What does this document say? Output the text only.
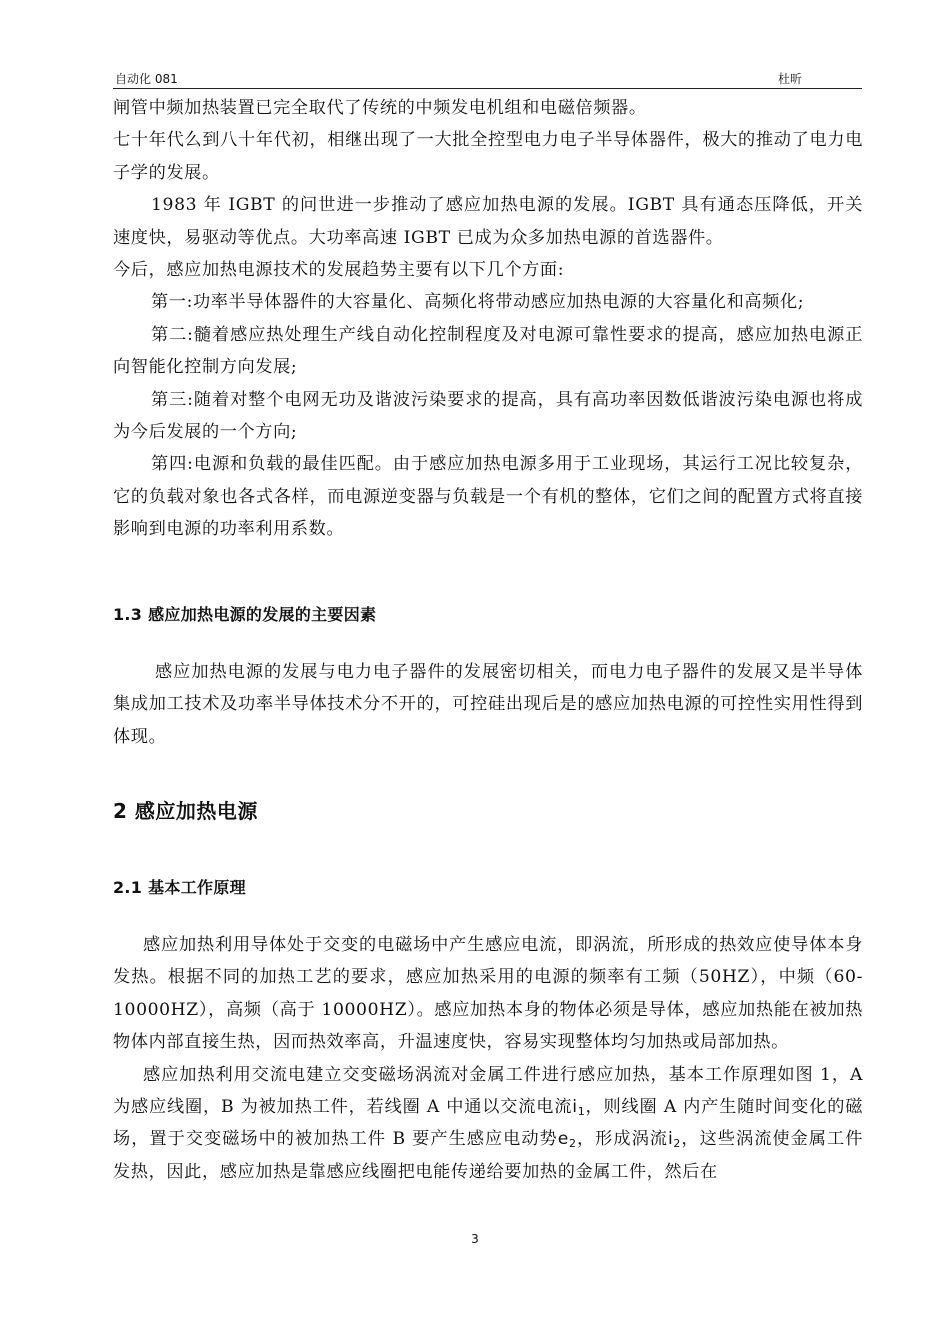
自动化 081	杜昕

闸管中频加热装置已完全取代了传统的中频发电机组和电磁倍频器。

七十年代么到八十年代初，相继出现了一大批全控型电力电子半导体器件，极大的推动了电力电子学的发展。

1983 年 IGBT 的问世进一步推动了感应加热电源的发展。IGBT 具有通态压降低，开关速度快，易驱动等优点。大功率高速 IGBT 已成为众多加热电源的首选器件。

今后，感应加热电源技术的发展趋势主要有以下几个方面:

第一:功率半导体器件的大容量化、高频化将带动感应加热电源的大容量化和高频化;

第二:髓着感应热处理生产线自动化控制程度及对电源可靠性要求的提高，感应加热电源正向智能化控制方向发展;

第三:随着对整个电网无功及谐波污染要求的提高，具有高功率因数低谐波污染电源也将成为今后发展的一个方向;

第四:电源和负载的最佳匹配。由于感应加热电源多用于工业现场，其运行工况比较复杂，它的负载对象也各式各样，而电源逆变器与负载是一个有机的整体，它们之间的配置方式将直接影响到电源的功率利用系数。

1.3 感应加热电源的发展的主要因素

感应加热电源的发展与电力电子器件的发展密切相关，而电力电子器件的发展又是半导体集成加工技术及功率半导体技术分不开的，可控硅出现后是的感应加热电源的可控性实用性得到体现。

2 感应加热电源
2.1 基本工作原理

感应加热利用导体处于交变的电磁场中产生感应电流，即涡流，所形成的热效应使导体本身发热。根据不同的加热工艺的要求，感应加热采用的电源的频率有工频（50HZ），中频（60-10000HZ），高频（高于 10000HZ）。感应加热本身的物体必须是导体，感应加热能在被加热物体内部直接生热，因而热效率高，升温速度快，容易实现整体均匀加热或局部加热。

感应加热利用交流电建立交变磁场涡流对金属工件进行感应加热，基本工作原理如图 1，A 为感应线圈，B 为被加热工件，若线圈 A 中通以交流电流$i_1$，则线圈 A 内产生随时间变化的磁场，置于交变磁场中的被加热工件 B 要产生感应电动势$e_2$，形成涡流$i_2$，这些涡流使金属工件发热，因此，感应加热是靠感应线圈把电能传递给要加热的金属工件，然后在

3
